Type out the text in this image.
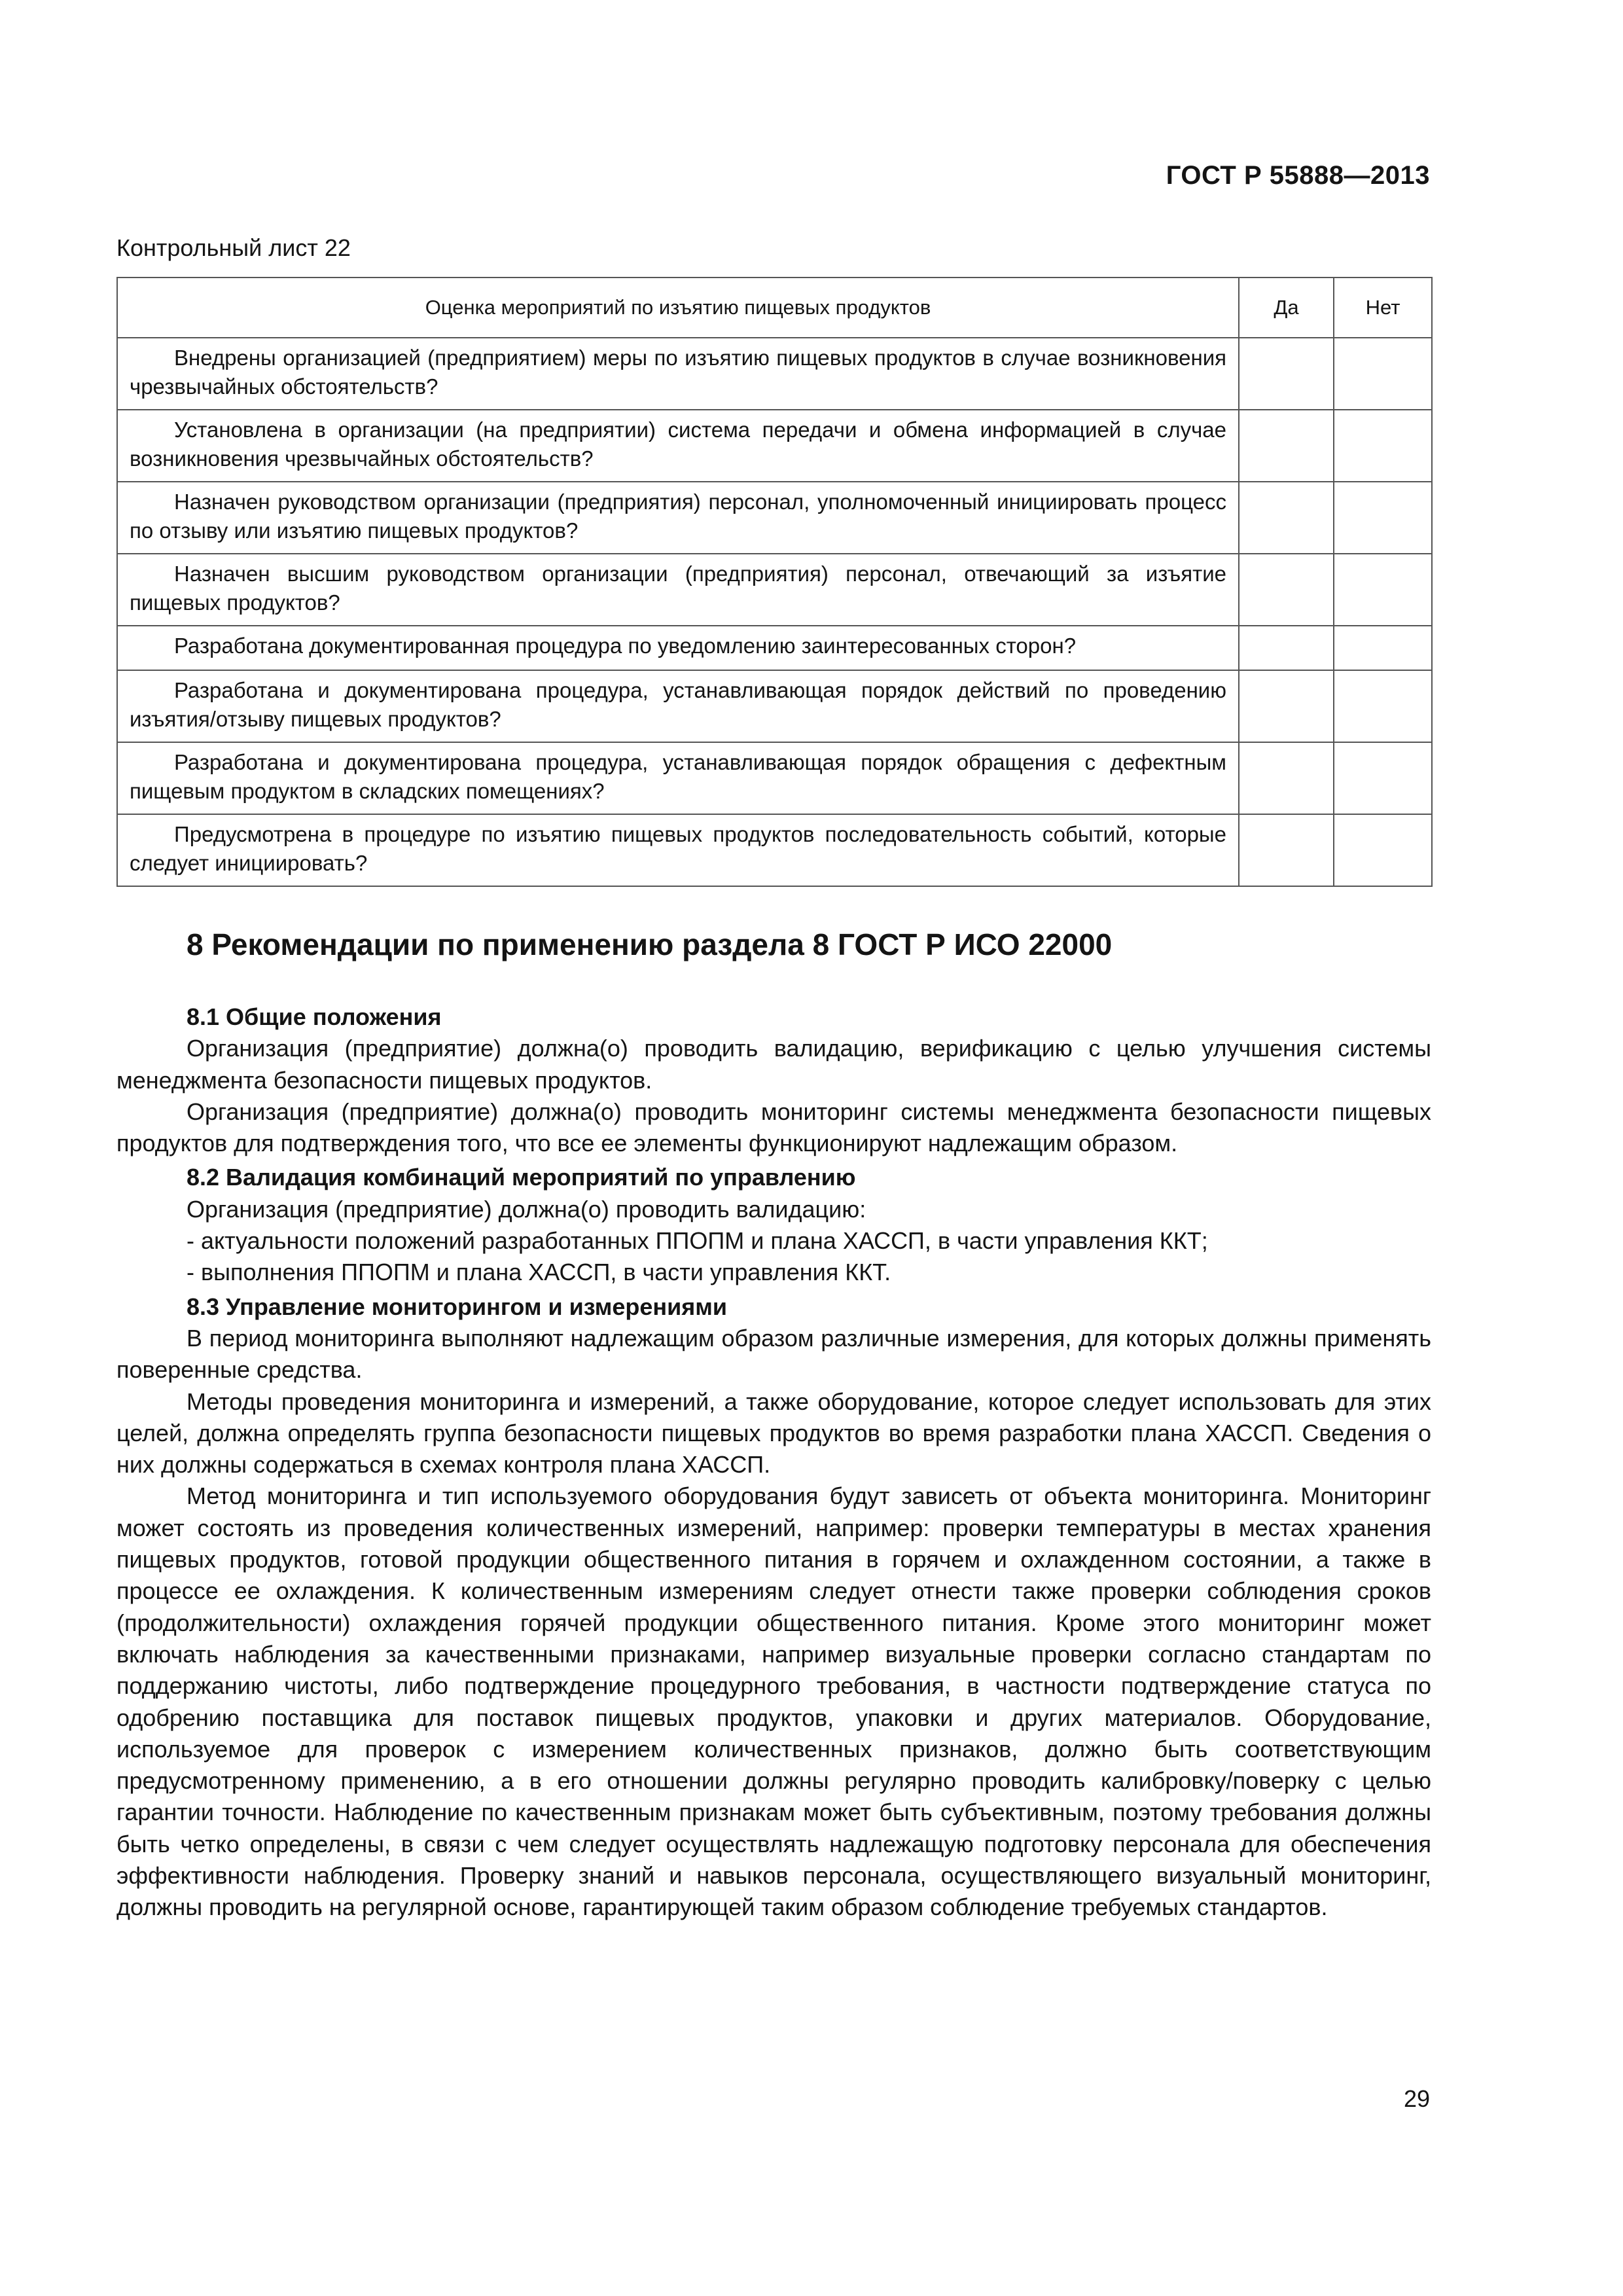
ГОСТ Р 55888—2013
Контрольный лист 22
Оценка мероприятий по изъятию пищевых продуктов	Да	Нет
Внедрены организацией (предприятием) меры по изъятию пищевых продуктов в случае возникновения чрезвычайных обстоятельств?		
Установлена в организации (на предприятии) система передачи и обмена информацией в случае возникновения чрезвычайных обстоятельств?		
Назначен руководством организации (предприятия) персонал, уполномоченный инициировать процесс по отзыву или изъятию пищевых продуктов?		
Назначен высшим руководством организации (предприятия) персонал, отвечающий за изъятие пищевых продуктов?		
Разработана документированная процедура по уведомлению заинтересованных сторон?		
Разработана и документирована процедура, устанавливающая порядок действий по проведению изъятия/отзыву пищевых продуктов?		
Разработана и документирована процедура, устанавливающая порядок обращения с дефектным пищевым продуктом в складских помещениях?		
Предусмотрена в процедуре по изъятию пищевых продуктов последовательность событий, которые следует инициировать?		
8 Рекомендации по применению раздела 8 ГОСТ Р ИСО 22000
8.1 Общие положения

Организация (предприятие) должна(о) проводить валидацию, верификацию с целью улучшения системы менеджмента безопасности пищевых продуктов.

Организация (предприятие) должна(о) проводить мониторинг системы менеджмента безопасности пищевых продуктов для подтверждения того, что все ее элементы функционируют надлежащим образом.

8.2 Валидация комбинаций мероприятий по управлению

Организация (предприятие) должна(о) проводить валидацию:

- актуальности положений разработанных ППОПМ и плана ХАССП, в части управления ККТ;
- выполнения ППОПМ и плана ХАССП, в части управления ККТ.
8.3 Управление мониторингом и измерениями

В период мониторинга выполняют надлежащим образом различные измерения, для которых должны применять поверенные средства.

Методы проведения мониторинга и измерений, а также оборудование, которое следует использовать для этих целей, должна определять группа безопасности пищевых продуктов во время разработки плана ХАССП. Сведения о них должны содержаться в схемах контроля плана ХАССП.

Метод мониторинга и тип используемого оборудования будут зависеть от объекта мониторинга. Мониторинг может состоять из проведения количественных измерений, например: проверки температуры в местах хранения пищевых продуктов, готовой продукции общественного питания в горячем и охлажденном состоянии, а также в процессе ее охлаждения. К количественным измерениям следует отнести также проверки соблюдения сроков (продолжительности) охлаждения горячей продукции общественного питания. Кроме этого мониторинг может включать наблюдения за качественными признаками, например визуальные проверки согласно стандартам по поддержанию чистоты, либо подтверждение процедурного требования, в частности подтверждение статуса по одобрению поставщика для поставок пищевых продуктов, упаковки и других материалов. Оборудование, используемое для проверок с измерением количественных признаков, должно быть соответствующим предусмотренному применению, а в его отношении должны регулярно проводить калибровку/поверку с целью гарантии точности. Наблюдение по качественным признакам может быть субъективным, поэтому требования должны быть четко определены, в связи с чем следует осуществлять надлежащую подготовку персонала для обеспечения эффективности наблюдения. Проверку знаний и навыков персонала, осуществляющего визуальный мониторинг, должны проводить на регулярной основе, гарантирующей таким образом соблюдение требуемых стандартов.

29
